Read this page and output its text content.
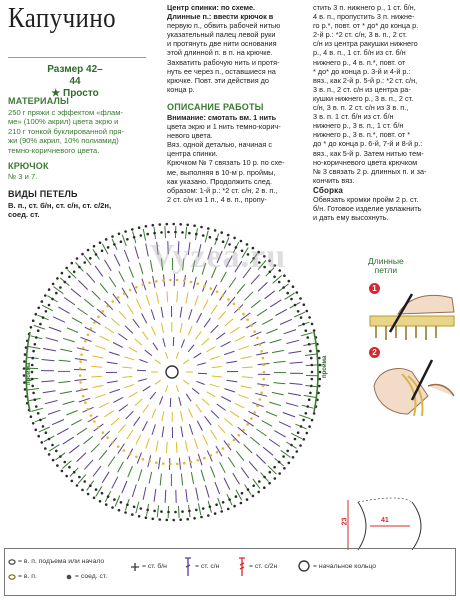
Капучино
Размер 42–44
★ Просто
МАТЕРИАЛЫ
250 г пряжи с эффектом «флам-
ме» (100% акрил) цвета экрю и
210 г тонкой буклированной пря-
жи (90% акрил, 10% полиамид)
темно-коричневого цвета.
КРЮЧОК
№ 3 и 7.
ВИДЫ ПЕТЕЛЬ
В. п., ст. б/н, ст. с/н, ст. с/2н,
соед. ст.
Центр спинки: по схеме.
Длинные п.: ввести крючок в
первую п., обвить рабочей нитью
указательный палец левой руки
и протянуть две нити основания
этой длинной п. в п. на крючке.
Захватить рабочую нить и протя-
нуть ее через п., оставшиеся на
крючке. Повт. эти действия до
конца р.
ОПИСАНИЕ РАБОТЫ
Внимание: смотать вм. 1 нить
цвета экрю и 1 нить темно-корич-
невого цвета.
Вяз. одной деталью, начиная с
центра спинки.
Крючком № 7 связать 10 р. по схе-
ме, выполняя в 10-м р. проймы,
как указано. Продолжить след.
образом: 1-й р.: *2 ст. с/н, 2 в. п.,
2 ст. с/н из 1 п., 4 в. п., пропу-
стить 3 п. нижнего р., 1 ст. б/н,
4 в. п., пропустить 3 п. нижне-
го р.*, повт. от * до* до конца р.
2-й р.: *2 ст. с/н, 3 в. п., 2 ст.
с/н из центра ракушки нижнего
р., 4 в. п., 1 ст. б/н из ст. б/н
нижнего р., 4 в. п.*, повт. от
* до* до конца р. 3-й и 4-й р.:
вяз., как 2-й р. 5-й р.: *2 ст. с/н,
3 в. п., 2 ст. с/н из центра ра-
кушки нижнего р., 3 в. п., 2 ст.
с/н, 3 в. п. 2 ст. с/н из 3 в. п.,
3 в. п. 1 ст. б/н из ст. б/н
нижнего р., 3 в. п., 1 ст. б/н
нижнего р., 3 в. п.*, повт. от *
до * до конца р. 6-й, 7-й и 8-й р.:
вяз., как 5-й р. Затем нитью тем-
но-коричневого цвета крючком
№ 3 связать 2 р. длинных п. и за-
кончить вяз.
Сборка
Обвязать кромки пройм 2 р. ст.
б/н. Готовое изделие увлажнить
и дать ему высохнуть.
Vyzea.ru
пройма	пройма
Длинные
петли
1
2
23	41
= в. п. подъема или начало
= в. п.	= соед. ст.
= ст. б/н	= ст. с/н	= ст. с/2н	= начальное кольцо
